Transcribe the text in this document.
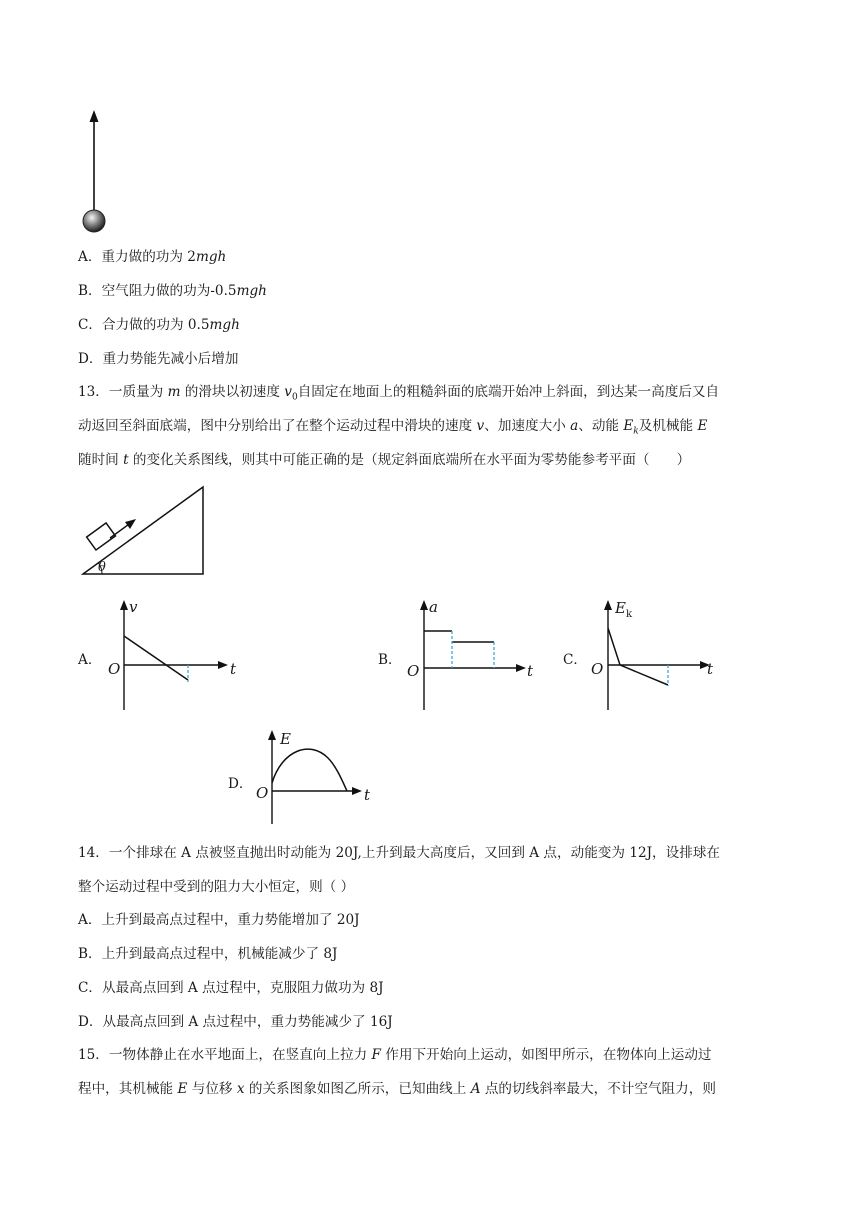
A．重力做的功为 2mgh
B．空气阻力做的功为-0.5mgh
C．合力做的功为 0.5mgh
D．重力势能先减小后增加
13．一质量为 m 的滑块以初速度 $v_0$自固定在地面上的粗糙斜面的底端开始冲上斜面，到达某一高度后又自
动返回至斜面底端，图中分别给出了在整个运动过程中滑块的速度 v、加速度大小 a、动能 $E_k$及机械能 E
随时间 t 的变化关系图线，则其中可能正确的是（规定斜面底端所在水平面为零势能参考平面（　　）
θ
A．
v
O	t	B．
a
O	t
C．
$E_k$
O	t
D．
E
O	t
14．一个排球在 A 点被竖直抛出时动能为 20J,上升到最大高度后，又回到 A 点，动能变为 12J，设排球在
整个运动过程中受到的阻力大小恒定，则（ ）
A．上升到最高点过程中，重力势能增加了 20J
B．上升到最高点过程中，机械能减少了 8J
C．从最高点回到 A 点过程中，克服阻力做功为 8J
D．从最高点回到 A 点过程中，重力势能减少了 16J
15．一物体静止在水平地面上，在竖直向上拉力 F 作用下开始向上运动，如图甲所示，在物体向上运动过
程中，其机械能 E 与位移 x 的关系图象如图乙所示，已知曲线上 A 点的切线斜率最大，不计空气阻力，则
